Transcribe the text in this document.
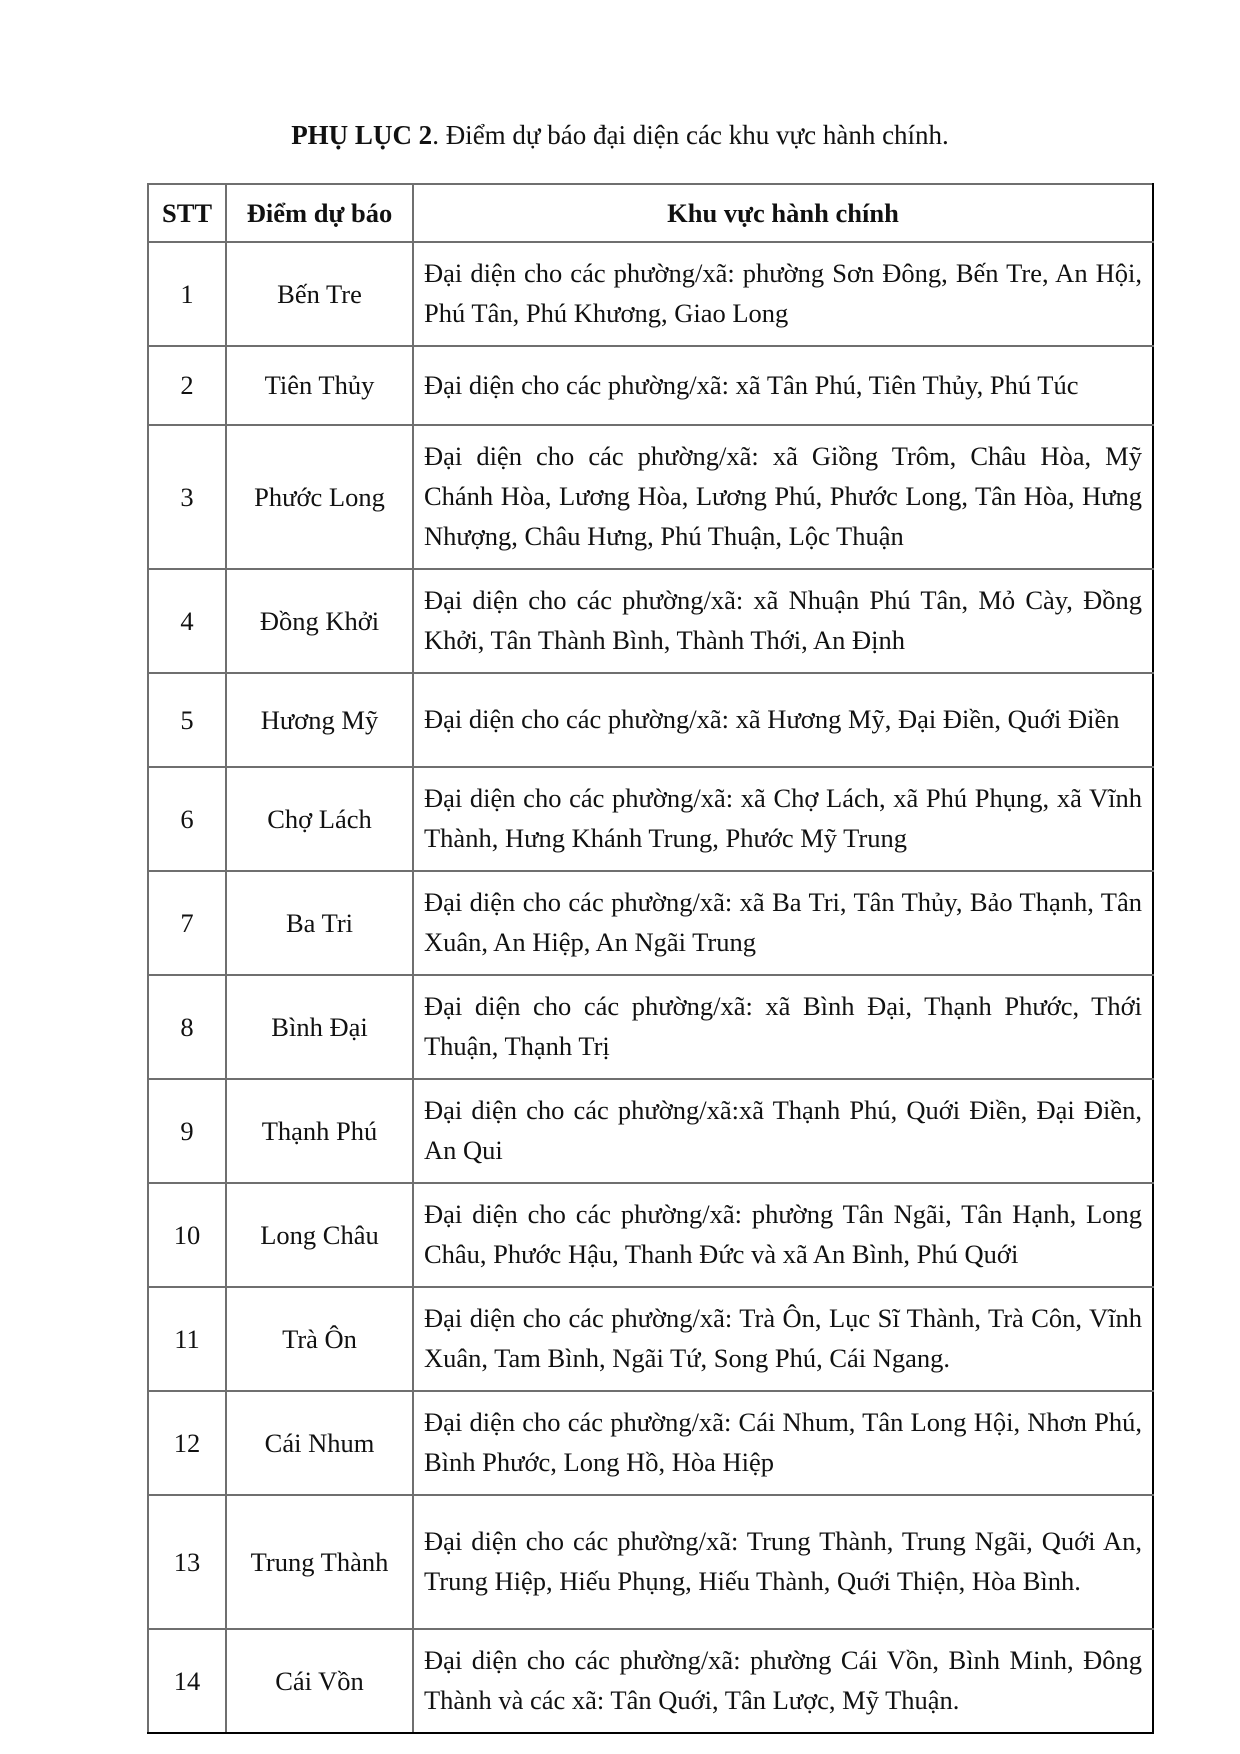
PHỤ LỤC 2. Điểm dự báo đại diện các khu vực hành chính.
STT	Điểm dự báo	Khu vực hành chính
1	Bến Tre	Đại diện cho các phường/xã: phường Sơn Đông, Bến Tre, An Hội, Phú Tân, Phú Khương, Giao Long
2	Tiên Thủy	Đại diện cho các phường/xã: xã Tân Phú, Tiên Thủy, Phú Túc
3	Phước Long	Đại diện cho các phường/xã: xã Giồng Trôm, Châu Hòa, Mỹ Chánh Hòa, Lương Hòa, Lương Phú, Phước Long, Tân Hòa, Hưng Nhượng, Châu Hưng, Phú Thuận, Lộc Thuận
4	Đồng Khởi	Đại diện cho các phường/xã: xã Nhuận Phú Tân, Mỏ Cày, Đồng Khởi, Tân Thành Bình, Thành Thới, An Định
5	Hương Mỹ	Đại diện cho các phường/xã: xã Hương Mỹ, Đại Điền, Quới Điền
6	Chợ Lách	Đại diện cho các phường/xã: xã Chợ Lách, xã Phú Phụng, xã Vĩnh Thành, Hưng Khánh Trung, Phước Mỹ Trung
7	Ba Tri	Đại diện cho các phường/xã: xã Ba Tri, Tân Thủy, Bảo Thạnh, Tân Xuân, An Hiệp, An Ngãi Trung
8	Bình Đại	Đại diện cho các phường/xã: xã Bình Đại, Thạnh Phước, Thới Thuận, Thạnh Trị
9	Thạnh Phú	Đại diện cho các phường/xã:xã Thạnh Phú, Quới Điền, Đại Điền, An Qui
10	Long Châu	Đại diện cho các phường/xã: phường Tân Ngãi, Tân Hạnh, Long Châu, Phước Hậu, Thanh Đức và xã An Bình, Phú Quới
11	Trà Ôn	Đại diện cho các phường/xã: Trà Ôn, Lục Sĩ Thành, Trà Côn, Vĩnh Xuân, Tam Bình, Ngãi Tứ, Song Phú, Cái Ngang.
12	Cái Nhum	Đại diện cho các phường/xã: Cái Nhum, Tân Long Hội, Nhơn Phú, Bình Phước, Long Hồ, Hòa Hiệp
13	Trung Thành	Đại diện cho các phường/xã: Trung Thành, Trung Ngãi, Quới An, Trung Hiệp, Hiếu Phụng, Hiếu Thành, Quới Thiện, Hòa Bình.
14	Cái Vồn	Đại diện cho các phường/xã: phường Cái Vồn, Bình Minh, Đông Thành và các xã: Tân Quới, Tân Lược, Mỹ Thuận.
